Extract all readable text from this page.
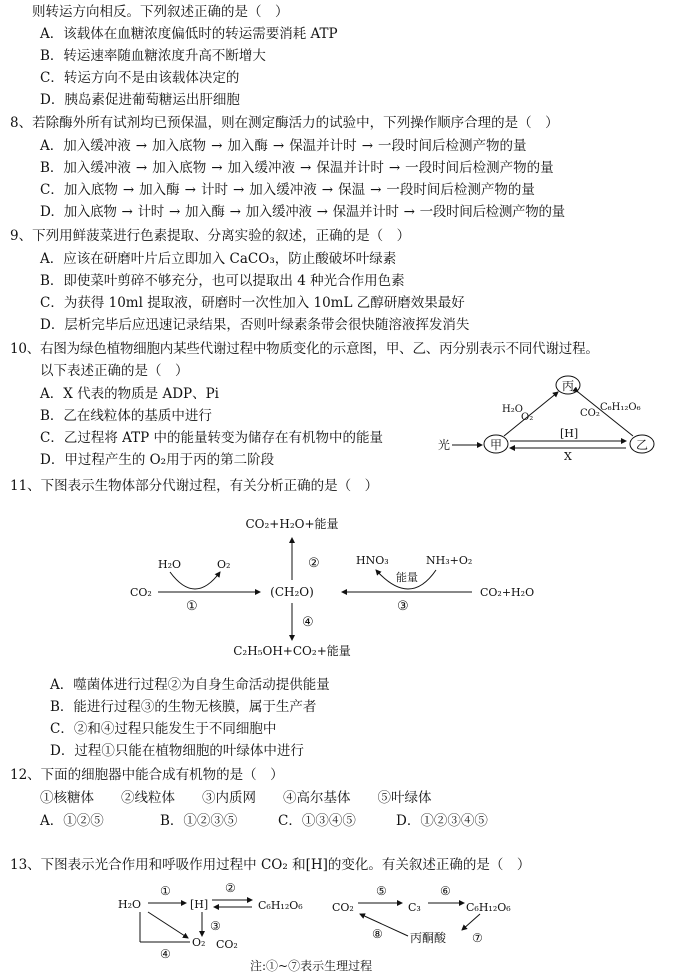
则转运方向相反。下列叙述正确的是（　）
A．该载体在血糖浓度偏低时的转运需要消耗 ATP
B．转运速率随血糖浓度升高不断增大
C．转运方向不是由该载体决定的
D．胰岛素促进葡萄糖运出肝细胞
8、若除酶外所有试剂均已预保温，则在测定酶活力的试验中，下列操作顺序合理的是（　）
A．加入缓冲液 → 加入底物 → 加入酶 → 保温并计时 → 一段时间后检测产物的量
B．加入缓冲液 → 加入底物 → 加入缓冲液 → 保温并计时 → 一段时间后检测产物的量
C．加入底物 → 加入酶 → 计时 → 加入缓冲液 → 保温 → 一段时间后检测产物的量
D．加入底物 → 计时 → 加入酶 → 加入缓冲液 → 保温并计时 → 一段时间后检测产物的量
9、下列用鲜菠菜进行色素提取、分离实验的叙述，正确的是（　）
A．应该在研磨叶片后立即加入 CaCO₃，防止酸破坏叶绿素
B．即使菜叶剪碎不够充分，也可以提取出 4 种光合作用色素
C．为获得 10ml 提取液，研磨时一次性加入 10mL 乙醇研磨效果最好
D．层析完毕后应迅速记录结果，否则叶绿素条带会很快随溶液挥发消失
10、右图为绿色植物细胞内某些代谢过程中物质变化的示意图，甲、乙、丙分别表示不同代谢过程。
以下表述正确的是（　）
A．X 代表的物质是 ADP、Pi
B．乙在线粒体的基质中进行
C．乙过程将 ATP 中的能量转变为储存在有机物中的能量
D．甲过程产生的 O₂用于丙的第二阶段
丙
甲	乙
光
H₂O
O₂	CO₂
C₆H₁₂O₆
[H]
X
11、下图表示生物体部分代谢过程，有关分析正确的是（　）
CO₂+H₂O+能量
②
(CH₂O)
④
C₂H₅OH+CO₂+能量
CO₂
H₂O	O₂
①
CO₂+H₂O
HNO₃	NH₃+O₂
能量
③
A．噬菌体进行过程②为自身生命活动提供能量
B．能进行过程③的生物无核膜，属于生产者
C．②和④过程只能发生于不同细胞中
D．过程①只能在植物细胞的叶绿体中进行
12、下面的细胞器中能合成有机物的是（　）
①核糖体　　②线粒体　　③内质网　　④高尔基体　　⑤叶绿体
A．①②⑤	B．①②③⑤	C．①③④⑤	D．①②③④⑤
13、下图表示光合作用和呼吸作用过程中 CO₂ 和[H]的变化。有关叙述正确的是（　）
H₂O
①
[H]
②
C₆H₁₂O₆
③
CO₂
O₂
④
CO₂
⑤
C₃
⑥
C₆H₁₂O₆
丙酮酸 ⑦
⑧
注:①~⑦表示生理过程
